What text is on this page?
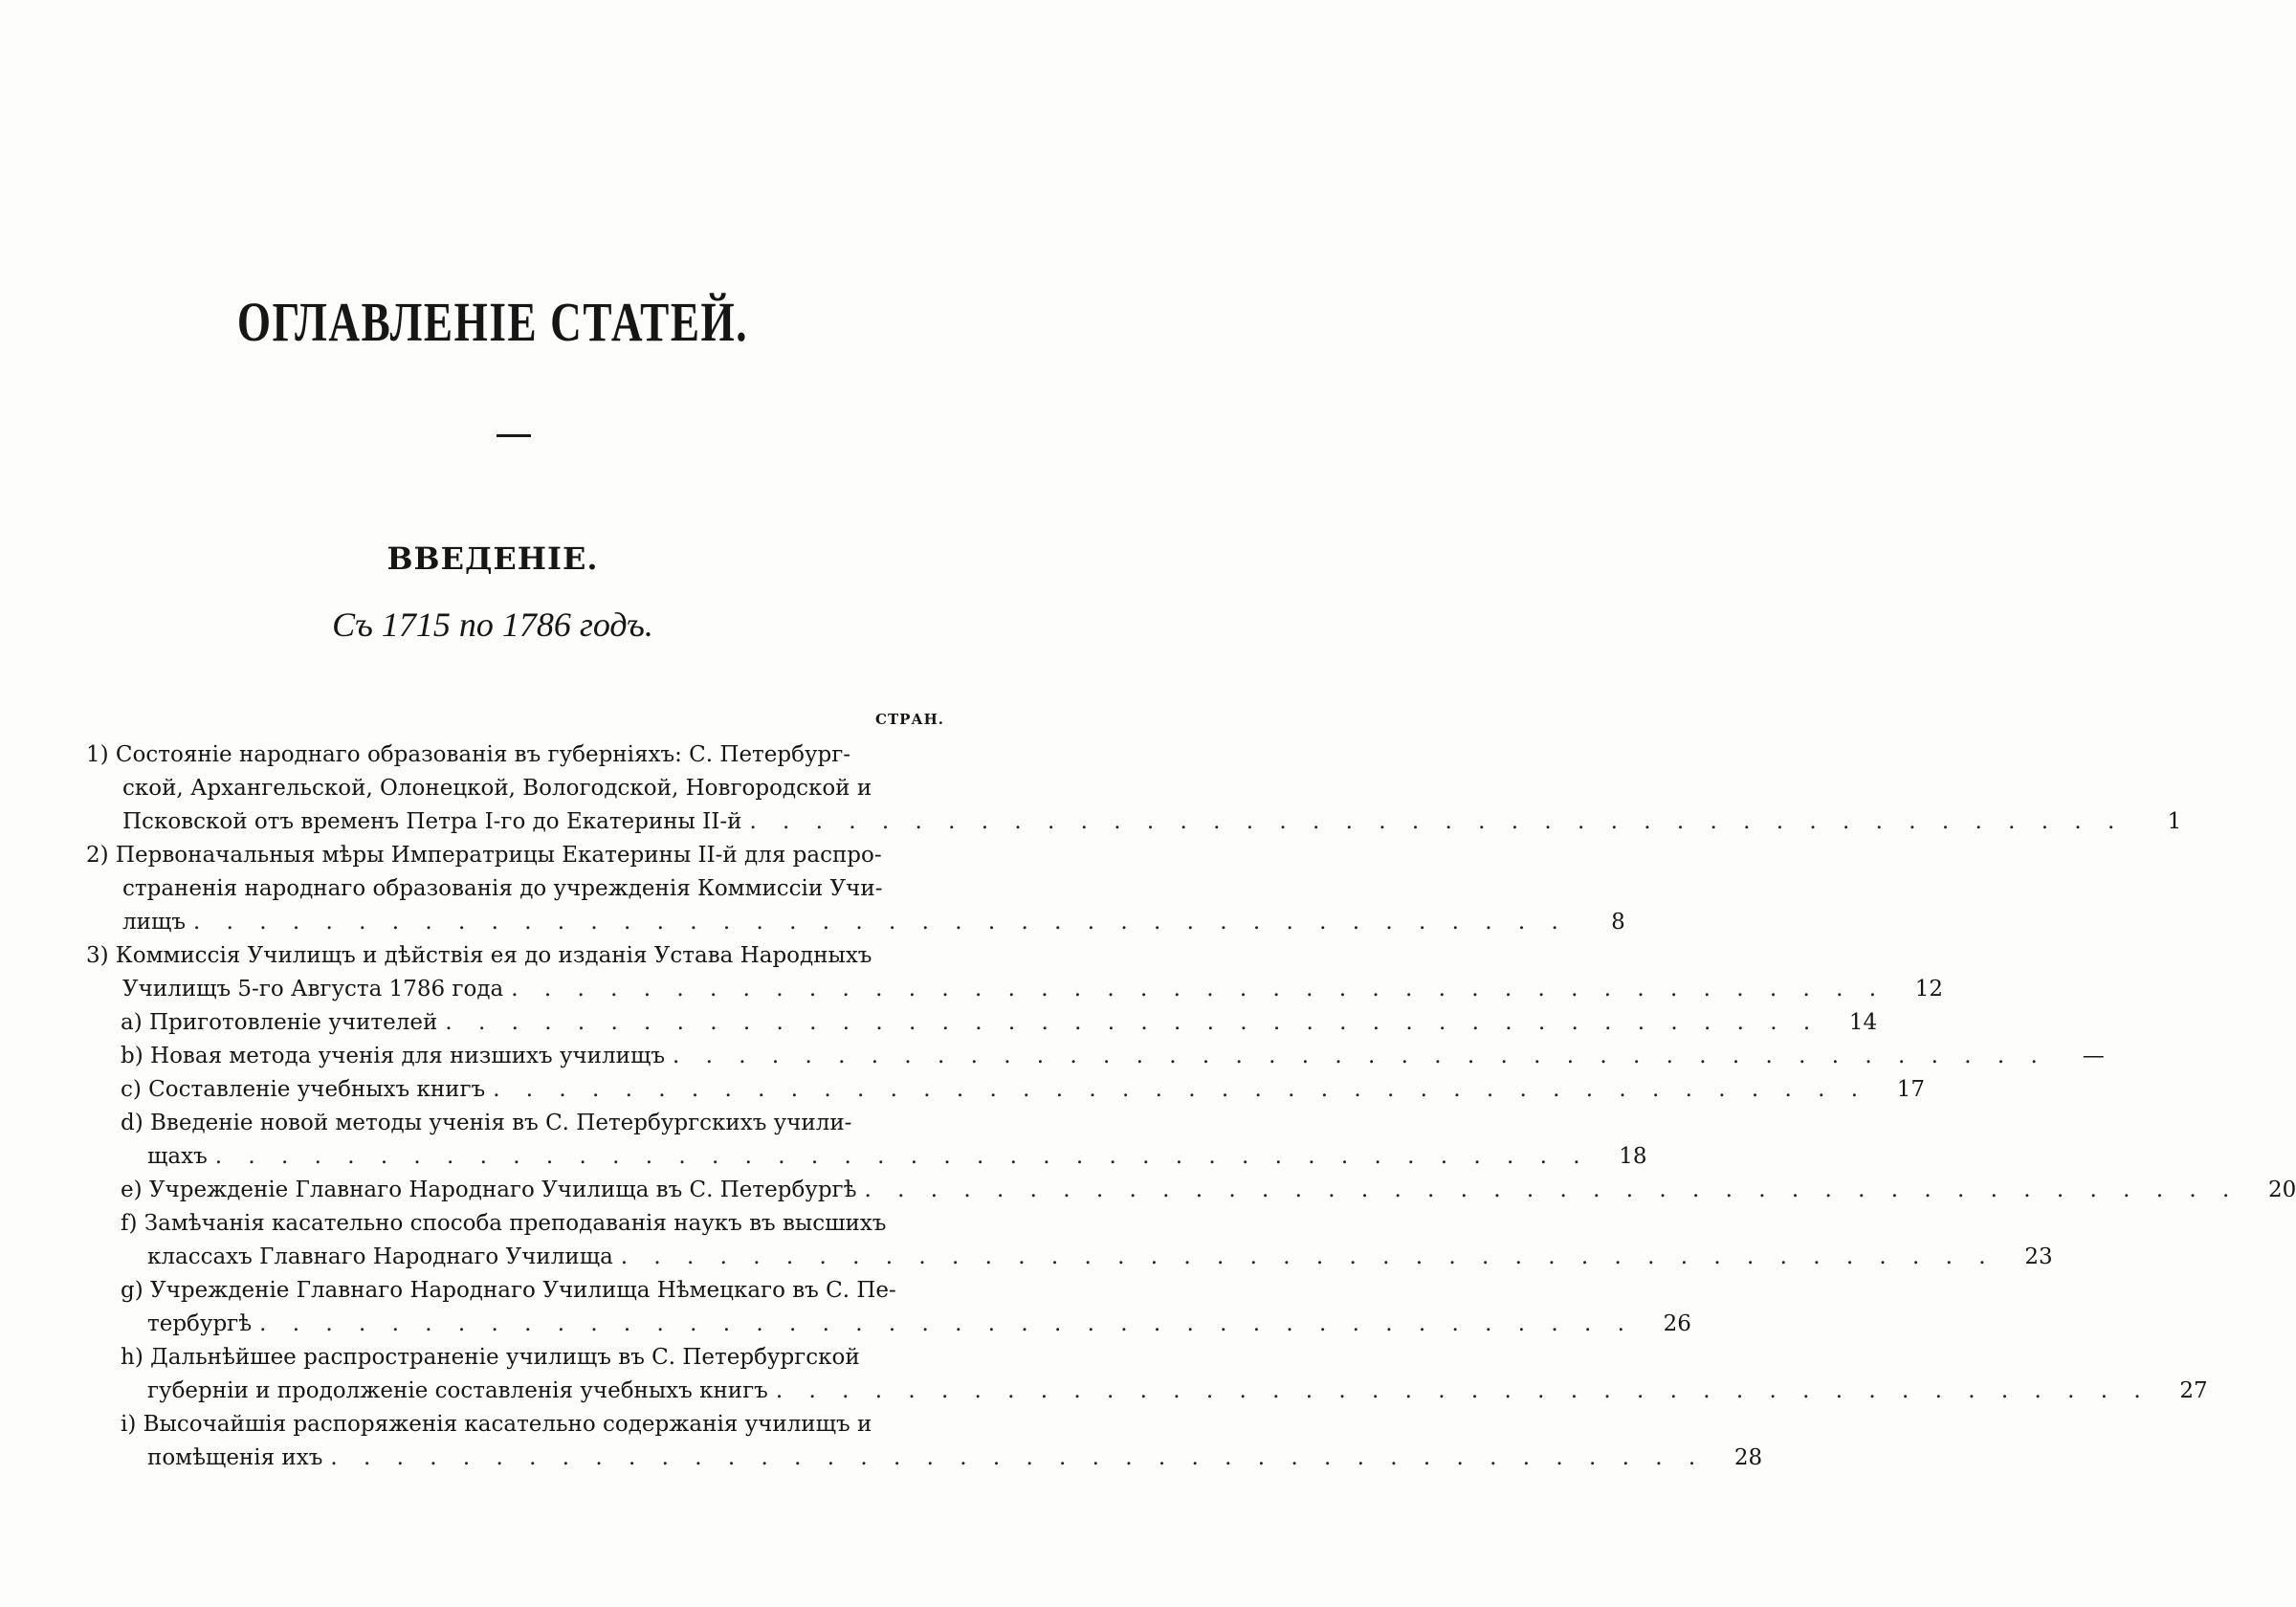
ОГЛАВЛЕНІЕ СТАТЕЙ.
ВВЕДЕНІЕ.
Съ 1715 по 1786 годъ.
СТРАН.
1) Состояніе народнаго образованія въ губерніяхъ: С. Петербург-
ской, Архангельской, Олонецкой, Вологодской, Новгородской и
Псковской отъ временъ Петра I-го до Екатерины II-й . . . . . . . . . . . . . . . . . . . . . . . . . . . . . . . . . . . . . . . . . .	1
2) Первоначальныя мѣры Императрицы Екатерины II-й для распро-
страненія народнаго образованія до учрежденія Коммиссіи Учи-
лищъ . . . . . . . . . . . . . . . . . . . . . . . . . . . . . . . . . . . . . . . . . .	8
3) Коммиссія Училищъ и дѣйствія ея до изданія Устава Народныхъ
Училищъ 5-го Августа 1786 года . . . . . . . . . . . . . . . . . . . . . . . . . . . . . . . . . . . . . . . . . .	12
a) Приготовленіе учителей . . . . . . . . . . . . . . . . . . . . . . . . . . . . . . . . . . . . . . . . . .	14
b) Новая метода ученія для низшихъ училищъ . . . . . . . . . . . . . . . . . . . . . . . . . . . . . . . . . . . . . . . . . .	—
c) Составленіе учебныхъ книгъ . . . . . . . . . . . . . . . . . . . . . . . . . . . . . . . . . . . . . . . . . .	17
d) Введеніе новой методы ученія въ С. Петербургскихъ учили-
щахъ . . . . . . . . . . . . . . . . . . . . . . . . . . . . . . . . . . . . . . . . . .	18
e) Учрежденіе Главнаго Народнаго Училища въ С. Петербургѣ . . . . . . . . . . . . . . . . . . . . . . . . . . . . . . . . . . . . . . . . . .	20
f) Замѣчанія касательно способа преподаванія наукъ въ высшихъ
классахъ Главнаго Народнаго Училища . . . . . . . . . . . . . . . . . . . . . . . . . . . . . . . . . . . . . . . . . .	23
g) Учрежденіе Главнаго Народнаго Училища Нѣмецкаго въ С. Пе-
тербургѣ . . . . . . . . . . . . . . . . . . . . . . . . . . . . . . . . . . . . . . . . . .	26
h) Дальнѣйшее распространеніе училищъ въ С. Петербургской
губерніи и продолженіе составленія учебныхъ книгъ . . . . . . . . . . . . . . . . . . . . . . . . . . . . . . . . . . . . . . . . . .	27
i) Высочайшія распоряженія касательно содержанія училищъ и
помѣщенія ихъ . . . . . . . . . . . . . . . . . . . . . . . . . . . . . . . . . . . . . . . . . .	28
